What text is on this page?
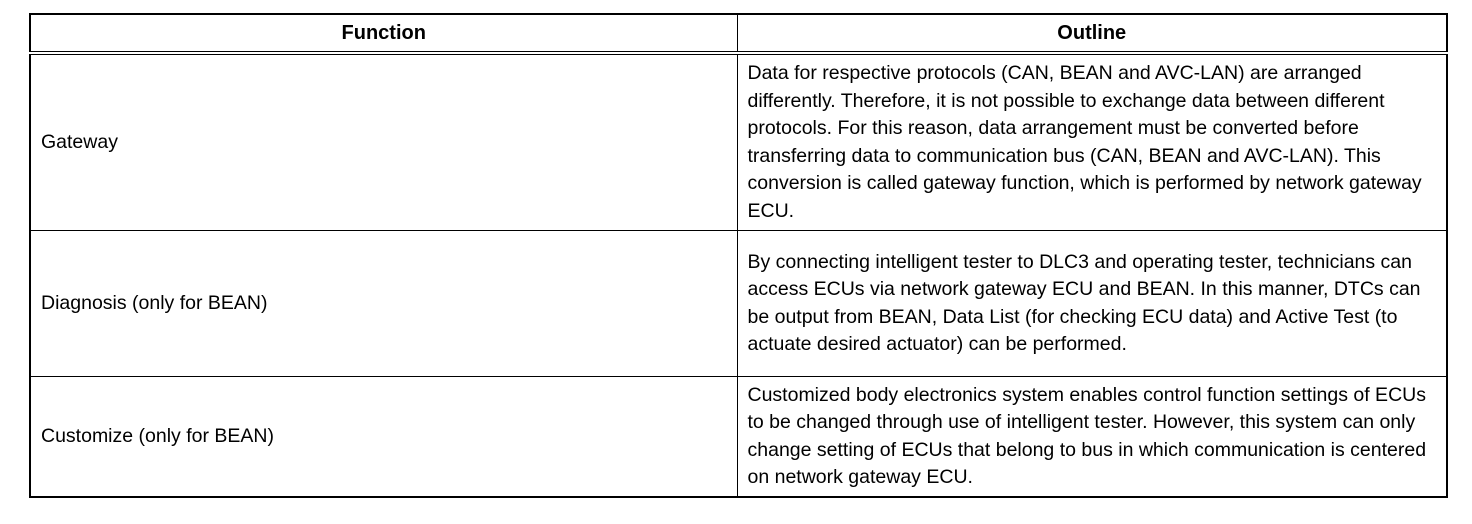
Function	Outline
Gateway	Data for respective protocols (CAN, BEAN and AVC-LAN) are arranged differently. Therefore, it is not possible to exchange data between different protocols. For this reason, data arrangement must be converted before transferring data to communication bus (CAN, BEAN and AVC-LAN). This conversion is called gateway function, which is performed by network gateway ECU.
Diagnosis (only for BEAN)	By connecting intelligent tester to DLC3 and operating tester, technicians can access ECUs via network gateway ECU and BEAN. In this manner, DTCs can be output from BEAN, Data List (for checking ECU data) and Active Test (to actuate desired actuator) can be performed.
Customize (only for BEAN)	Customized body electronics system enables control function settings of ECUs to be changed through use of intelligent tester. However, this system can only change setting of ECUs that belong to bus in which communication is centered on network gateway ECU.
